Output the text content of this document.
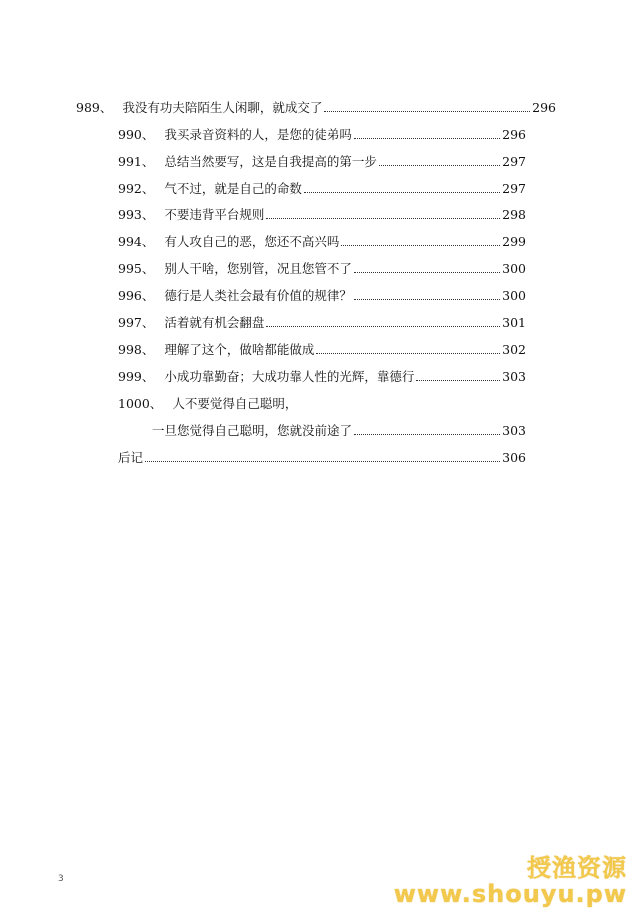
989、 我没有功夫陪陌生人闲聊，就成交了	296
990、 我买录音资料的人，是您的徒弟吗	296
991、 总结当然要写，这是自我提高的第一步	297
992、 气不过，就是自己的命数	297
993、 不要违背平台规则	298
994、 有人攻自己的恶，您还不高兴吗	299
995、 别人干啥，您别管，况且您管不了	300
996、 德行是人类社会最有价值的规律？	300
997、 活着就有机会翻盘	301
998、 理解了这个，做啥都能做成	302
999、 小成功靠勤奋；大成功靠人性的光辉，靠德行	303
1000、 人不要觉得自己聪明，
一旦您觉得自己聪明，您就没前途了	303
后记	306
3	授渔资源
www.shouyu.pw
